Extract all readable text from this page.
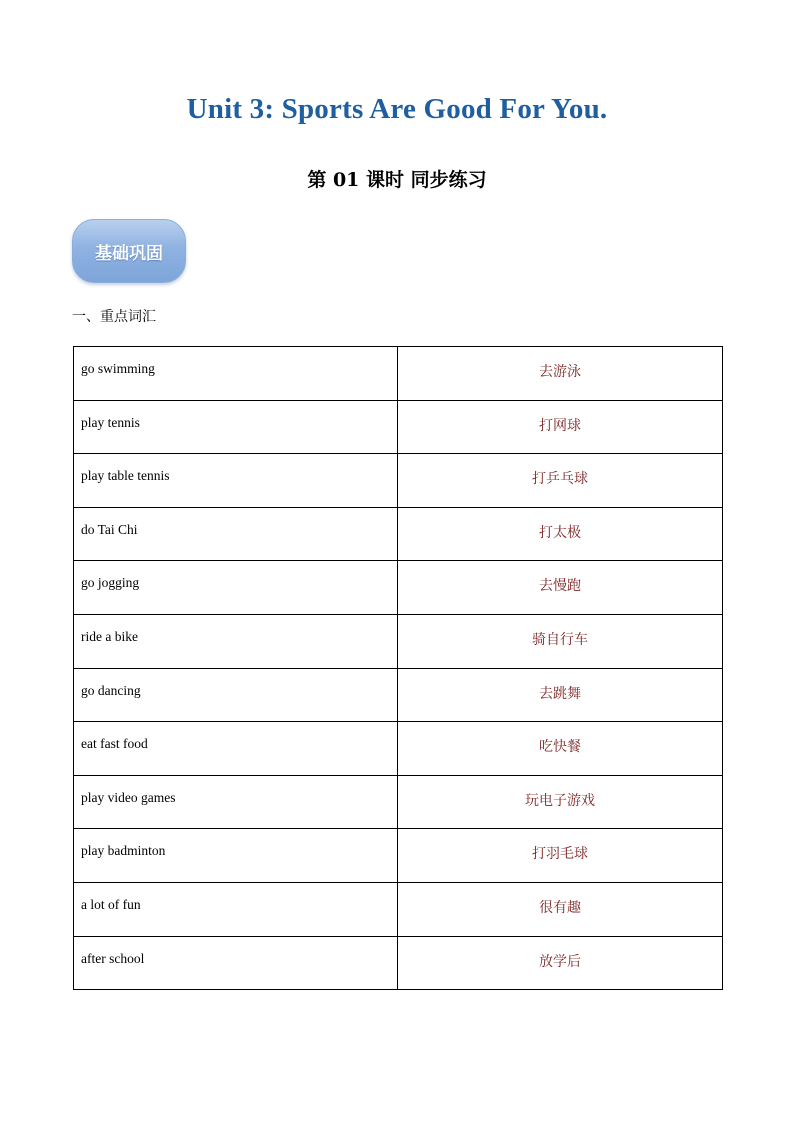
Unit 3: Sports Are Good For You.
第 01 课时 同步练习
基础巩固
一、重点词汇
go swimming	去游泳
play tennis	打网球
play table tennis	打乒乓球
do Tai Chi	打太极
go jogging	去慢跑
ride a bike	骑自行车
go dancing	去跳舞
eat fast food	吃快餐
play video games	玩电子游戏
play badminton	打羽毛球
a lot of fun	很有趣
after school	放学后
